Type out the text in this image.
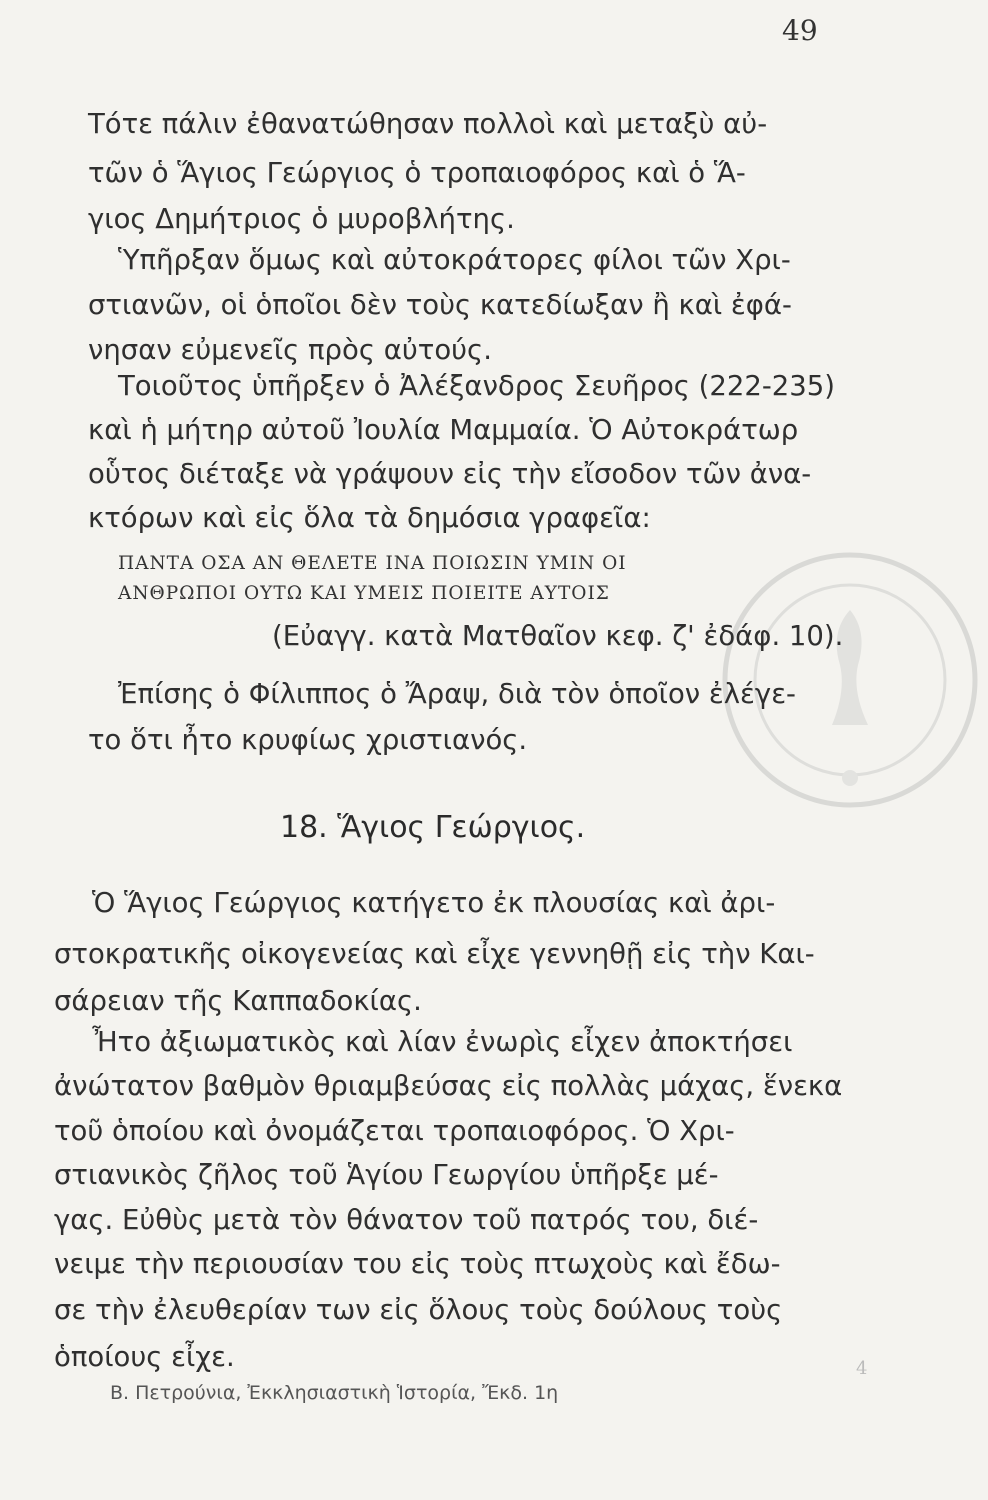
49
Τότε πάλιν ἐθανατώθησαν πολλοὶ καὶ μεταξὺ αὐ-
τῶν ὁ Ἅγιος Γεώργιος ὁ τροπαιοφόρος καὶ ὁ Ἅ-
γιος Δημήτριος ὁ μυροβλήτης.
Ὑπῆρξαν ὅμως καὶ αὐτοκράτορες φίλοι τῶν Χρι-
στιανῶν, οἱ ὁποῖοι δὲν τοὺς κατεδίωξαν ἢ καὶ ἐφά-
νησαν εὐμενεῖς πρὸς αὐτούς.
Τοιοῦτος ὑπῆρξεν ὁ Ἀλέξανδρος Σευῆρος (222-235)
καὶ ἡ μήτηρ αὐτοῦ Ἰουλία Μαμμαία. Ὁ Αὐτοκράτωρ
οὗτος διέταξε νὰ γράψουν εἰς τὴν εἴσοδον τῶν ἀνα-
κτόρων καὶ εἰς ὅλα τὰ δημόσια γραφεῖα:
ΠΑΝΤΑ ΟΣΑ ΑΝ ΘΕΛΕΤΕ ΙΝΑ ΠΟΙΩΣΙΝ ΥΜΙΝ ΟΙ
ΑΝΘΡΩΠΟΙ ΟΥΤΩ ΚΑΙ ΥΜΕΙΣ ΠΟΙΕΙΤΕ ΑΥΤΟΙΣ
(Εὐαγγ. κατὰ Ματθαῖον κεφ. ζ' ἐδάφ. 10).
Ἐπίσης ὁ Φίλιππος ὁ Ἄραψ, διὰ τὸν ὁποῖον ἐλέγε-
το ὅτι ἦτο κρυφίως χριστιανός.
18. Ἅγιος Γεώργιος.
Ὁ Ἅγιος Γεώργιος κατήγετο ἐκ πλουσίας καὶ ἀρι-
στοκρατικῆς οἰκογενείας καὶ εἶχε γεννηθῇ εἰς τὴν Και-
σάρειαν τῆς Καππαδοκίας.
Ἦτο ἀξιωματικὸς καὶ λίαν ἐνωρὶς εἶχεν ἀποκτήσει
ἀνώτατον βαθμὸν θριαμβεύσας εἰς πολλὰς μάχας, ἕνεκα
τοῦ ὁποίου καὶ ὀνομάζεται τροπαιοφόρος. Ὁ Χρι-
στιανικὸς ζῆλος τοῦ Ἁγίου Γεωργίου ὑπῆρξε μέ-
γας. Εὐθὺς μετὰ τὸν θάνατον τοῦ πατρός του, διέ-
νειμε τὴν περιουσίαν του εἰς τοὺς πτωχοὺς καὶ ἔδω-
σε τὴν ἐλευθερίαν των εἰς ὅλους τοὺς δούλους τοὺς
ὁποίους εἶχε.
Β. Πετρούνια, Ἐκκλησιαστικὴ Ἱστορία, Ἔκδ. 1η
4
